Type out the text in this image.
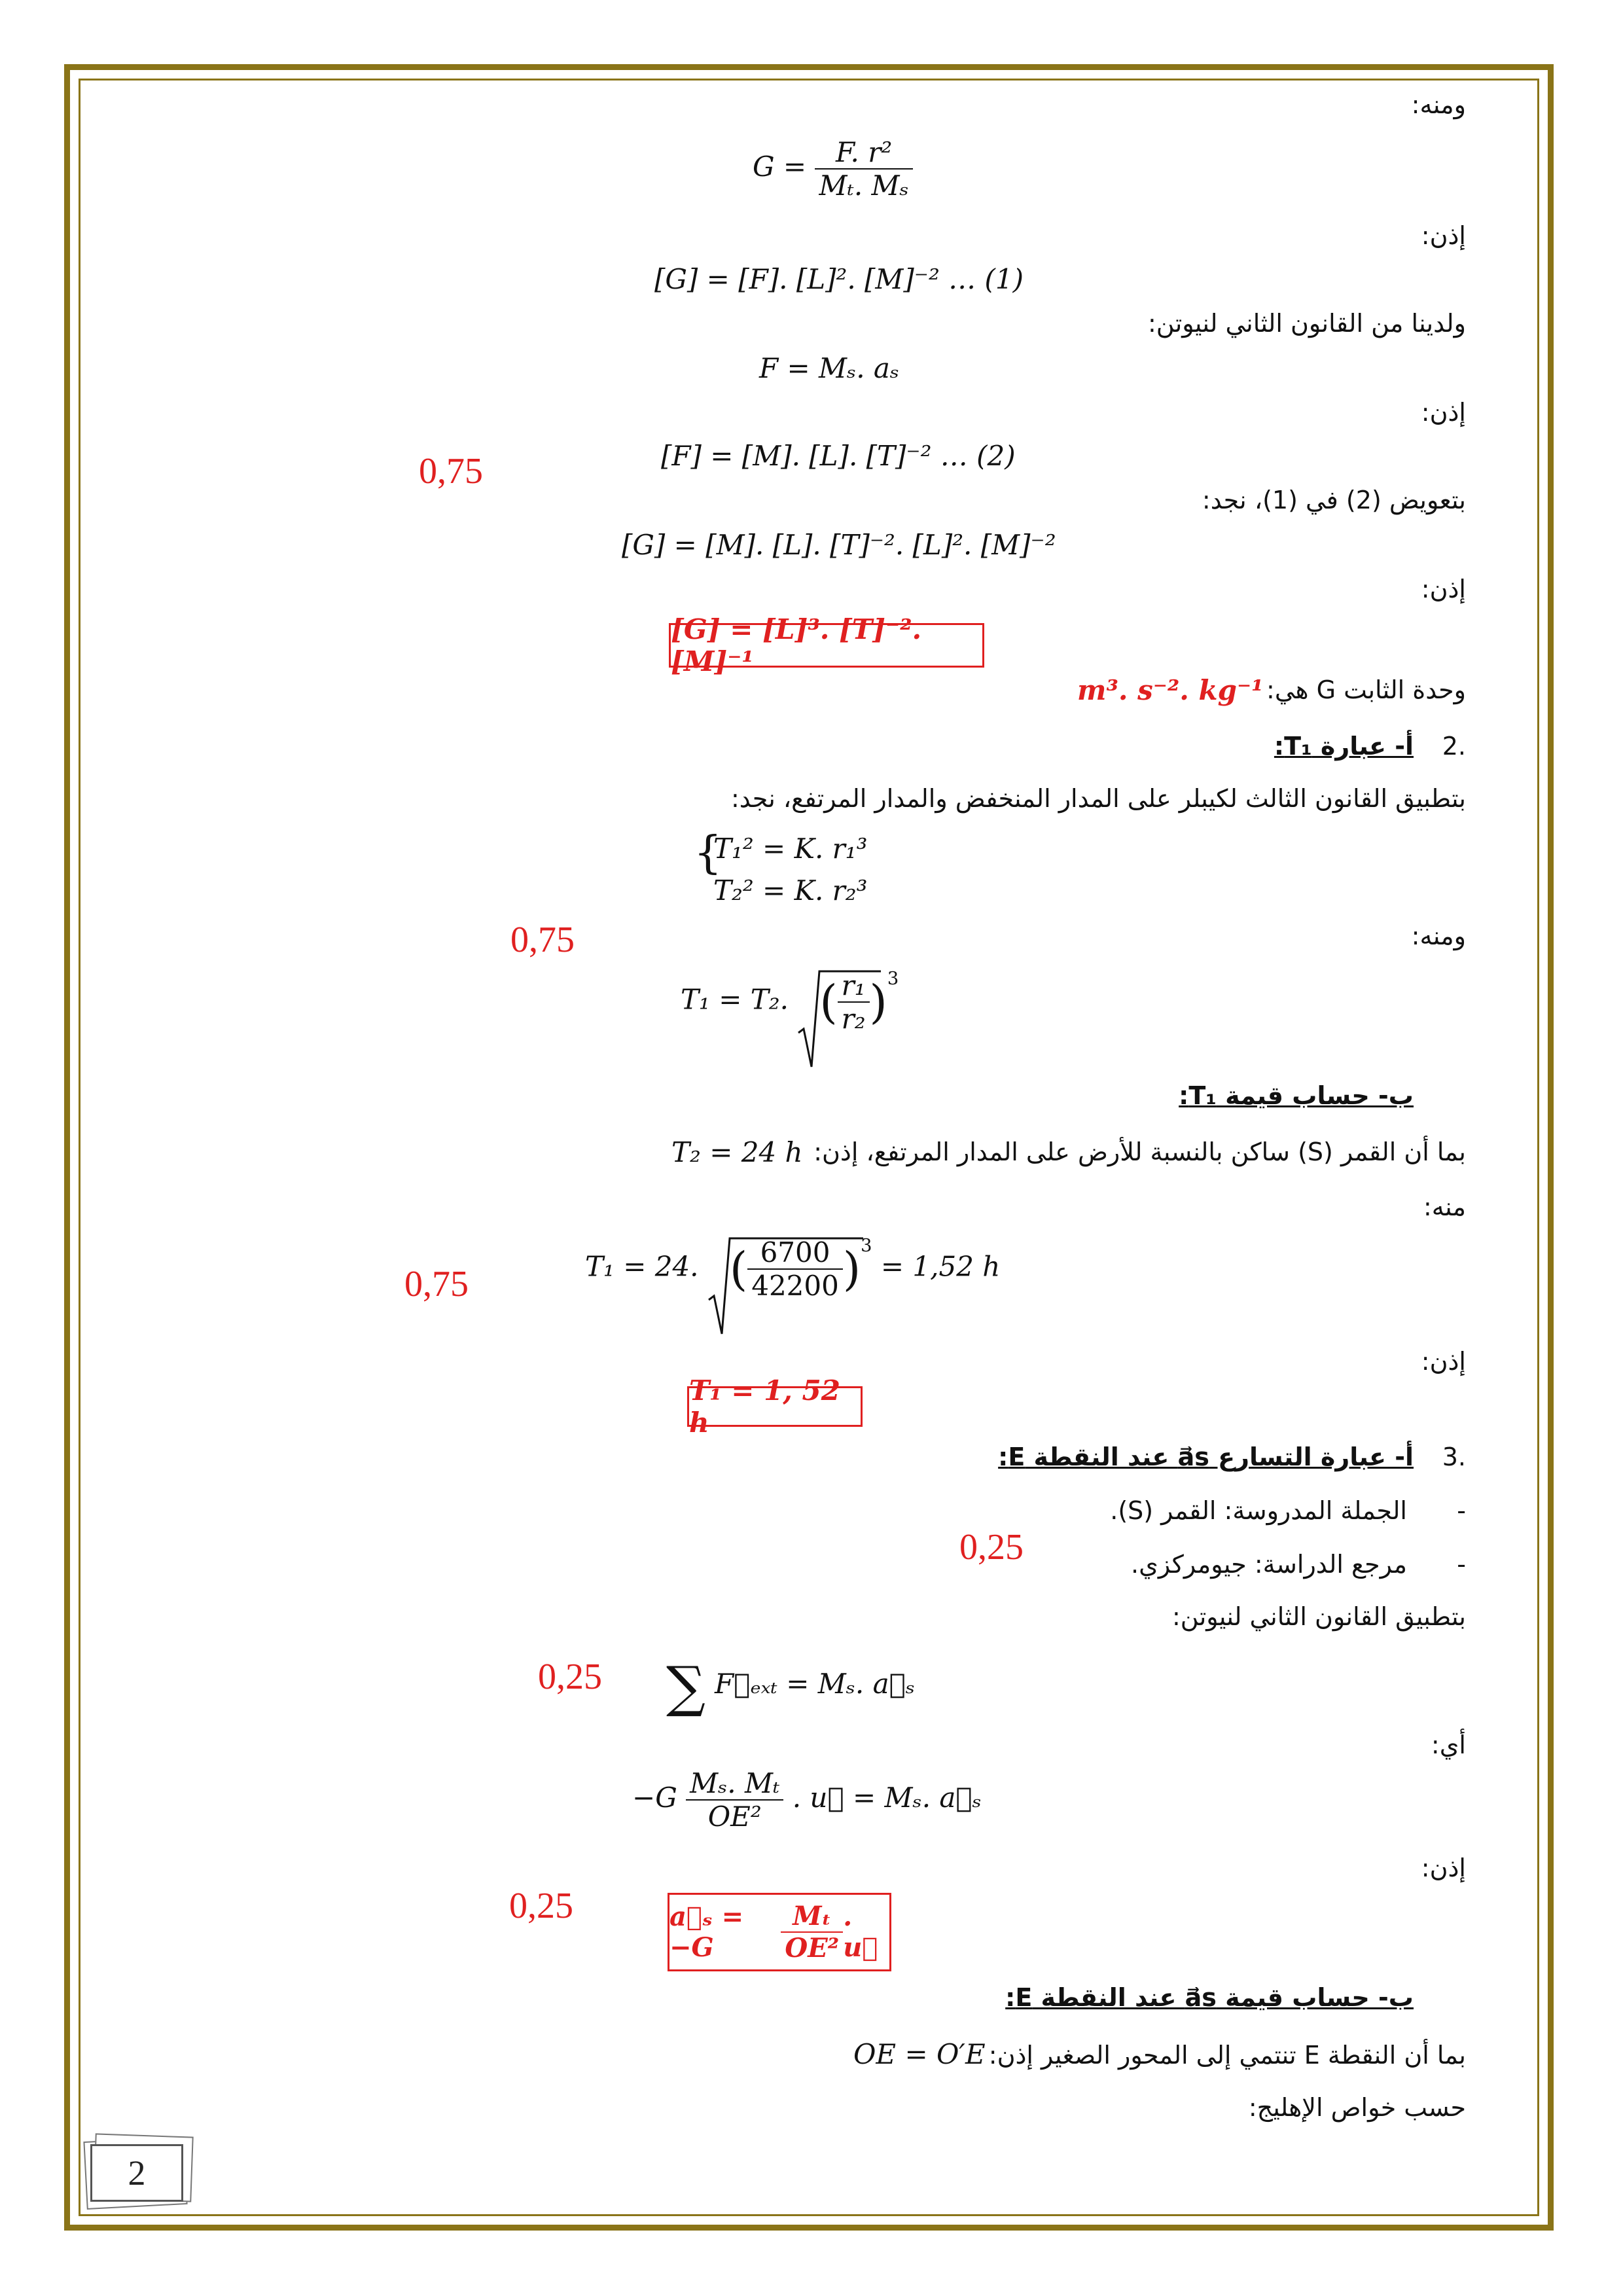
ومنه:
$G = \frac{\text{F. r²}}{\text{Mₜ. Mₛ}}$
إذن:
[G] = [F]. [L]². [M]⁻² … (1)
ولدينا من القانون الثاني لنيوتن:
F = Mₛ. aₛ
إذن:
[F] = [M]. [L]. [T]⁻² … (2)
0,75
بتعويض (2) في (1)، نجد:
[G] = [M]. [L]. [T]⁻². [L]². [M]⁻²
إذن:
[G] = [L]³. [T]⁻². [M]⁻¹
وحدة الثابت G هي:
m³. s⁻². kg⁻¹
.2
أ- عبارة T₁:
بتطبيق القانون الثالث لكيبلر على المدار المنخفض والمدار المرتفع، نجد:
{
T₁² = K. r₁³
T₂² = K. r₂³
ومنه:
0,75
T₁ = T₂. ( $\frac{\text{r₁}}{\text{r₂}} )^3$
ب- حساب قيمة T₁:
بما أن القمر (S) ساكن بالنسبة للأرض على المدار المرتفع، إذن:
T₂ = 24 h
منه:
0,75	T₁ = 24. ( $\frac{6700}{42200} )^3 = 1,52$ h
إذن:
T₁ = 1, 52 h
.3
أ- عبارة التسارع a⃗s عند النقطة E:
-
الجملة المدروسة: القمر (S).
0,25	-
مرجع الدراسة: جيومركزي.
بتطبيق القانون الثاني لنيوتن:
0,25 ∑ F⃗ₑₓₜ = Mₛ. a⃗ₛ
أي:
$-G \frac{\text{Mₛ. Mₜ}}{\text{OE²}}$ . u⃗ = Mₛ. a⃗ₛ
إذن:
0,25	a⃗ₛ = −G	$\frac{\text{Mₜ}}{\text{OE²}}$ . u⃗
ب- حساب قيمة a⃗s عند النقطة E:
بما أن النقطة E تنتمي إلى المحور الصغير إذن:
OE = O′E
حسب خواص الإهليج:
2
